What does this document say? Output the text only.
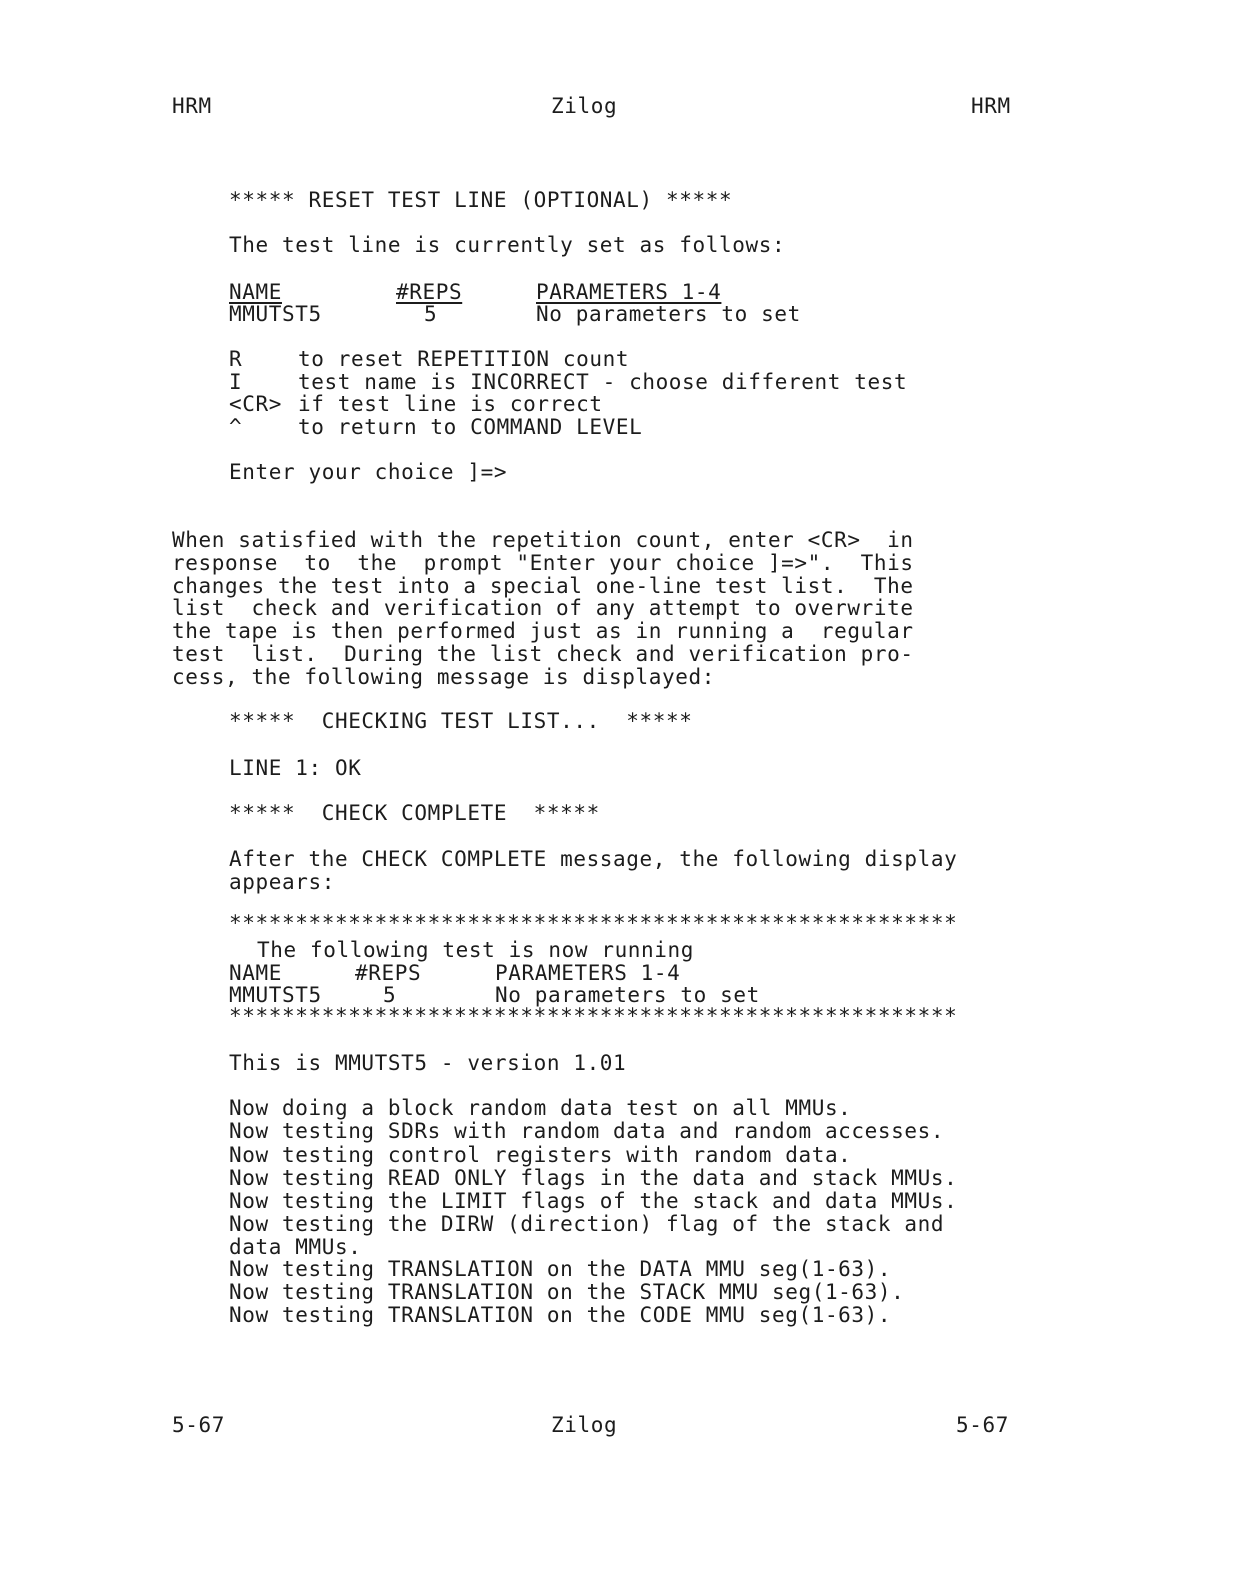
HRM	Zilog	HRM
***** RESET TEST LINE (OPTIONAL) *****
The test line is currently set as follows:
NAME	#REPS	PARAMETERS 1-4
MMUTST5	5	No parameters to set
R	to reset REPETITION count
I	test name is INCORRECT - choose different test
<CR> if test line is correct
^	to return to COMMAND LEVEL
Enter your choice ]=>
When satisfied with the repetition count, enter <CR>  in
response  to  the  prompt "Enter your choice ]=>".  This
changes the test into a special one-line test list.  The
list  check and verification of any attempt to overwrite
the tape is then performed just as in running a  regular
test  list.  During the list check and verification pro-
cess, the following message is displayed:
*****  CHECKING TEST LIST...  *****
LINE 1: OK
*****  CHECK COMPLETE  *****
After the CHECK COMPLETE message, the following display
appears:
*******************************************************
The following test is now running
NAME	#REPS	PARAMETERS 1-4
MMUTST5	5	No parameters to set
*******************************************************
This is MMUTST5 - version 1.01
Now doing a block random data test on all MMUs.
Now testing SDRs with random data and random accesses.
Now testing control registers with random data.
Now testing READ ONLY flags in the data and stack MMUs.
Now testing the LIMIT flags of the stack and data MMUs.
Now testing the DIRW (direction) flag of the stack and
data MMUs.
Now testing TRANSLATION on the DATA MMU seg(1-63).
Now testing TRANSLATION on the STACK MMU seg(1-63).
Now testing TRANSLATION on the CODE MMU seg(1-63).
5-67	Zilog	5-67
